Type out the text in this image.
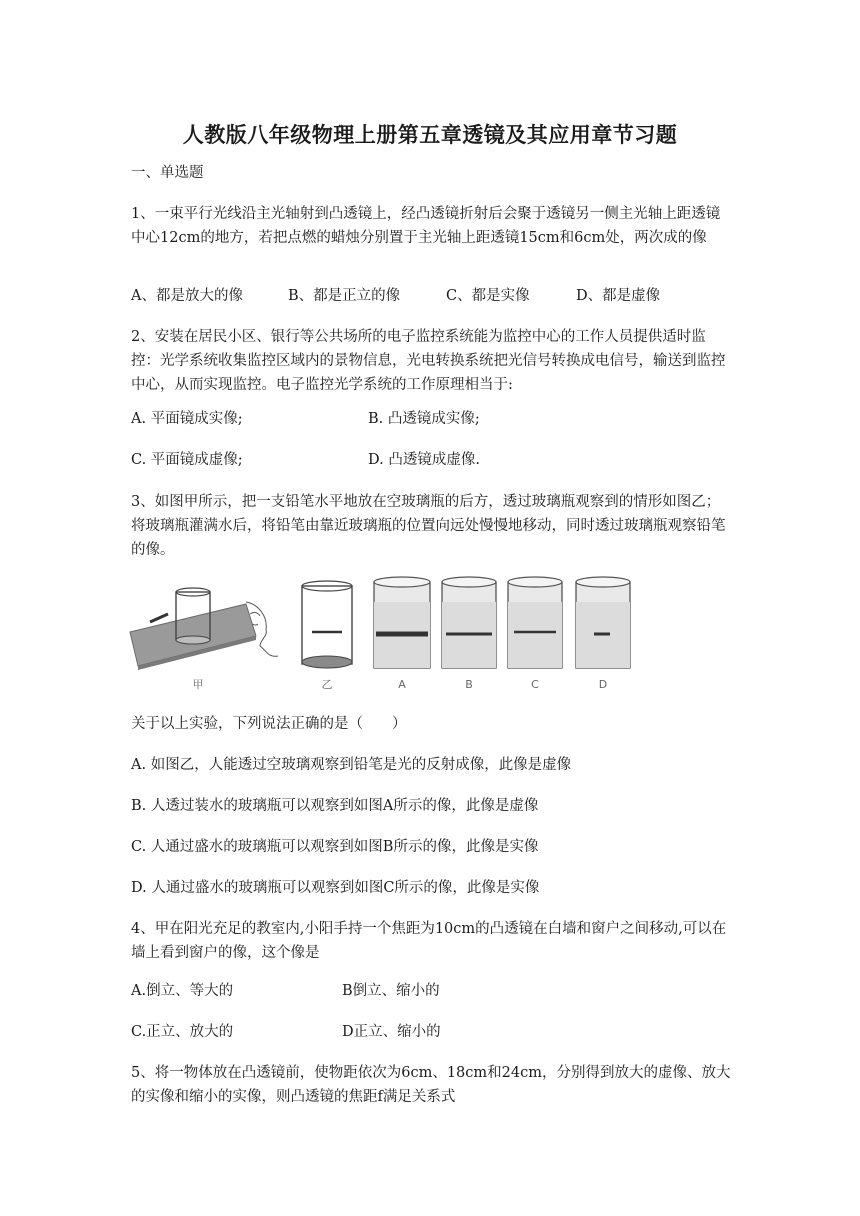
人教版八年级物理上册第五章透镜及其应用章节习题

一、单选题

1、一束平行光线沿主光轴射到凸透镜上，经凸透镜折射后会聚于透镜另一侧主光轴上距透镜中心12cm的地方，若把点燃的蜡烛分别置于主光轴上距透镜15cm和6cm处，两次成的像

A、都是放大的像	B、都是正立的像	C、都是实像	D、都是虚像

2、安装在居民小区、银行等公共场所的电子监控系统能为监控中心的工作人员提供适时监控：光学系统收集监控区域内的景物信息，光电转换系统把光信号转换成电信号，输送到监控中心，从而实现监控。电子监控光学系统的工作原理相当于:

A. 平面镜成实像;	B. 凸透镜成实像;
C. 平面镜成虚像;	D. 凸透镜成虚像.

3、如图甲所示，把一支铅笔水平地放在空玻璃瓶的后方，透过玻璃瓶观察到的情形如图乙；将玻璃瓶灌满水后，将铅笔由靠近玻璃瓶的位置向远处慢慢地移动，同时透过玻璃瓶观察铅笔的像。

甲	乙	A	B	C	D

关于以上实验，下列说法正确的是（　　）

A. 如图乙，人能透过空玻璃观察到铅笔是光的反射成像，此像是虚像
B. 人透过装水的玻璃瓶可以观察到如图A所示的像，此像是虚像
C. 人通过盛水的玻璃瓶可以观察到如图B所示的像，此像是实像
D. 人通过盛水的玻璃瓶可以观察到如图C所示的像，此像是实像

4、甲在阳光充足的教室内,小阳手持一个焦距为10cm的凸透镜在白墙和窗户之间移动,可以在墙上看到窗户的像，这个像是

A.倒立、等大的	B倒立、缩小的
C.正立、放大的	D正立、缩小的

5、将一物体放在凸透镜前，使物距依次为6cm、18cm和24cm，分别得到放大的虚像、放大的实像和缩小的实像，则凸透镜的焦距f满足关系式
